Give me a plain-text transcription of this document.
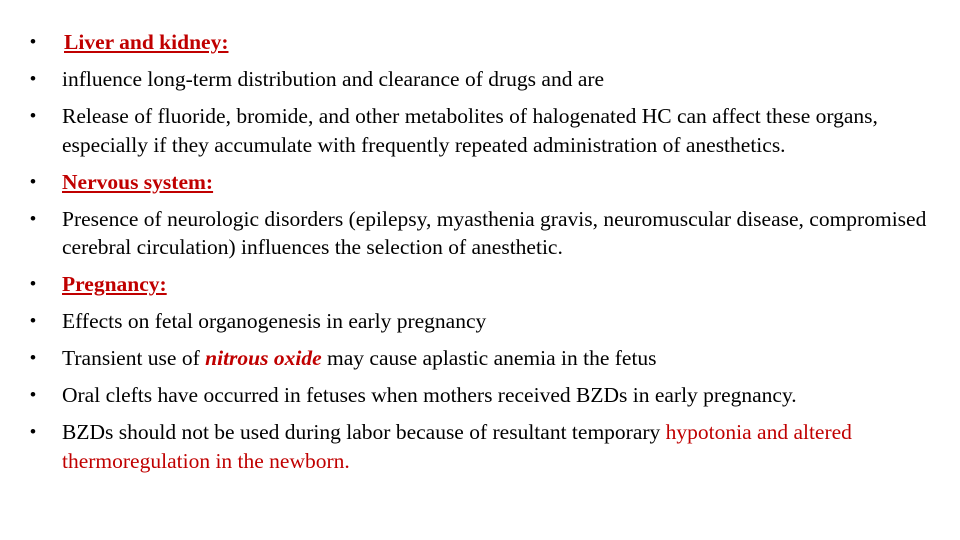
• Liver and kidney:
• influence long-term distribution and clearance of drugs and are
• Release of fluoride, bromide, and other metabolites of halogenated HC can affect these organs, especially if they accumulate with frequently repeated administration of anesthetics.
• Nervous system:
• Presence of neurologic disorders (epilepsy, myasthenia gravis, neuromuscular disease, compromised cerebral circulation) influences the selection of anesthetic.
• Pregnancy:
• Effects on fetal organogenesis in early pregnancy
• Transient use of nitrous oxide may cause aplastic anemia in the fetus
• Oral clefts have occurred in fetuses when mothers received BZDs in early pregnancy.
• BZDs should not be used during labor because of resultant temporary hypotonia and altered thermoregulation in the newborn.
